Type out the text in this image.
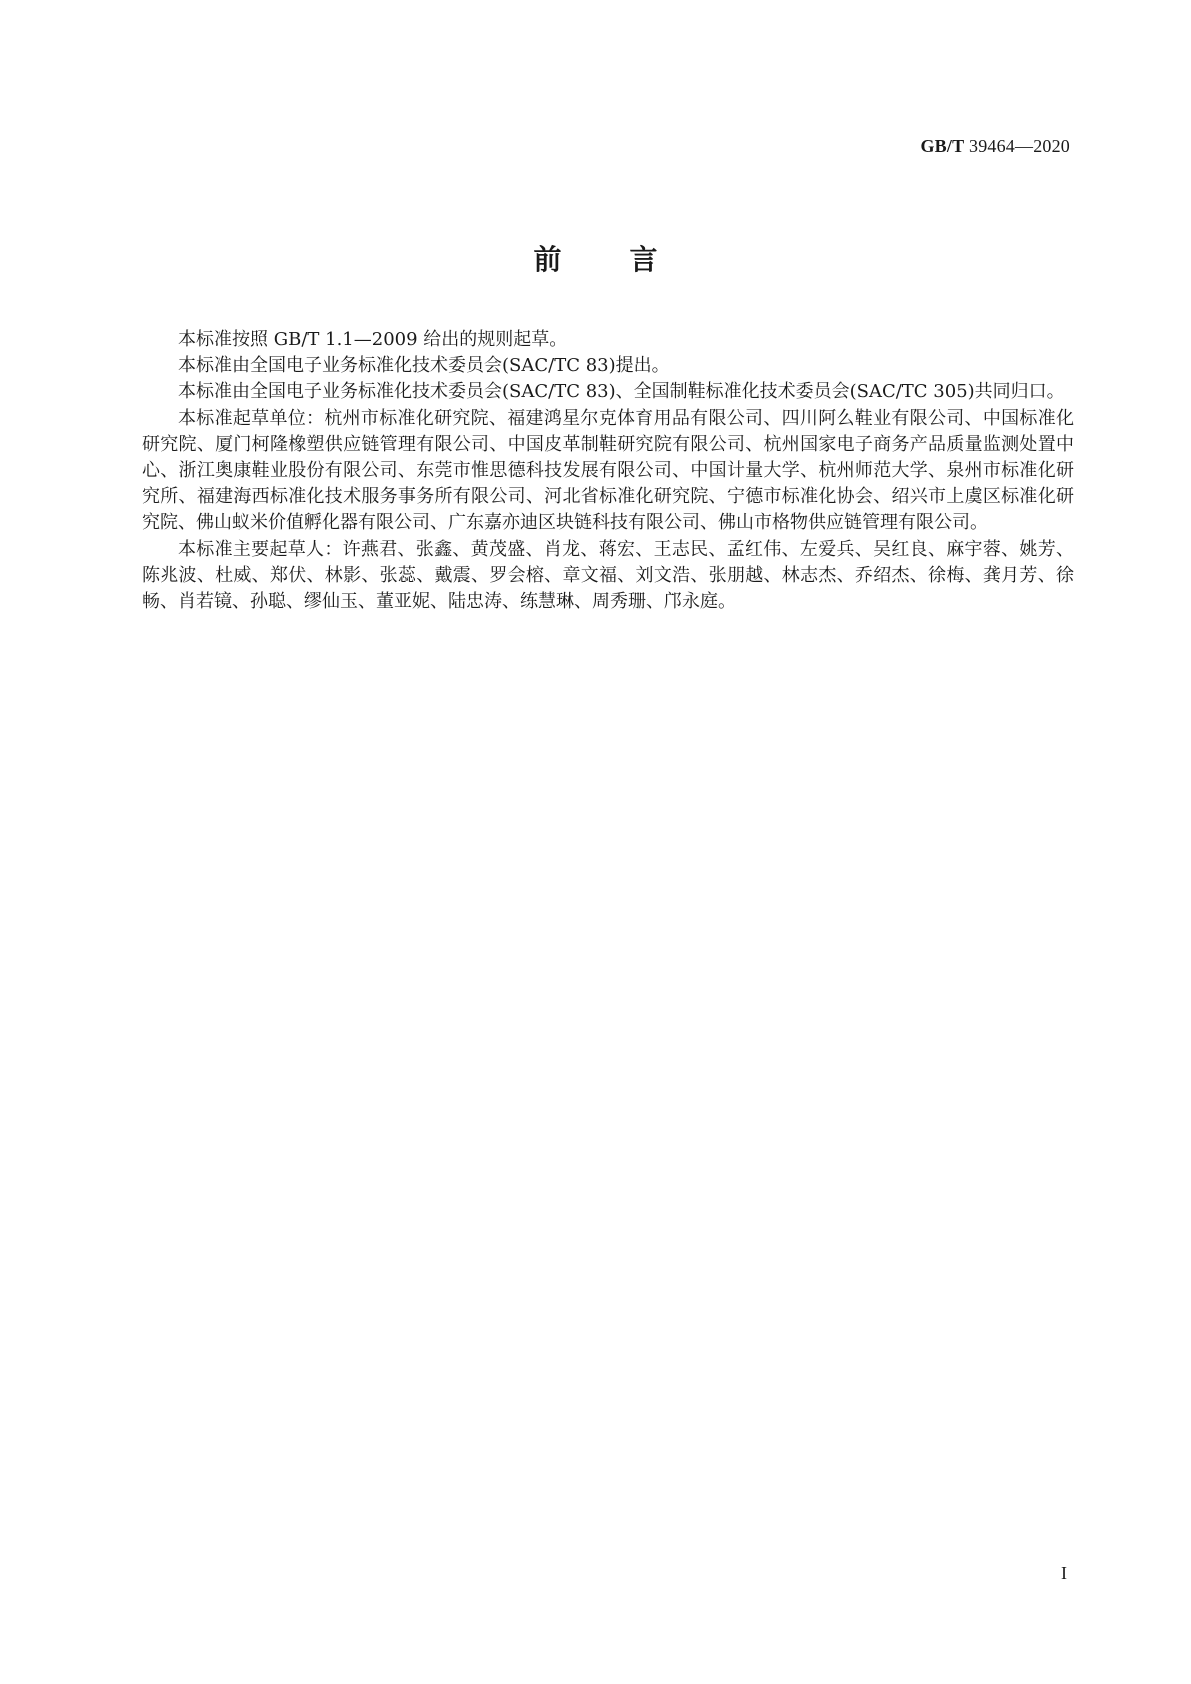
GB/T 39464—2020
前言

本标准按照 GB/T 1.1—2009 给出的规则起草。

本标准由全国电子业务标准化技术委员会(SAC/TC 83)提出。

本标准由全国电子业务标准化技术委员会(SAC/TC 83)、全国制鞋标准化技术委员会(SAC/TC 305)共同归口。

本标准起草单位：杭州市标准化研究院、福建鸿星尔克体育用品有限公司、四川阿么鞋业有限公司、中国标准化研究院、厦门柯隆橡塑供应链管理有限公司、中国皮革制鞋研究院有限公司、杭州国家电子商务产品质量监测处置中心、浙江奥康鞋业股份有限公司、东莞市惟思德科技发展有限公司、中国计量大学、杭州师范大学、泉州市标准化研究所、福建海西标准化技术服务事务所有限公司、河北省标准化研究院、宁德市标准化协会、绍兴市上虞区标准化研究院、佛山蚁米价值孵化器有限公司、广东嘉亦迪区块链科技有限公司、佛山市格物供应链管理有限公司。

本标准主要起草人：许燕君、张鑫、黄茂盛、肖龙、蒋宏、王志民、孟红伟、左爱兵、吴红良、麻宇蓉、姚芳、陈兆波、杜威、郑伏、林影、张蕊、戴震、罗会榕、章文福、刘文浩、张朋越、林志杰、乔绍杰、徐梅、龚月芳、徐畅、肖若镜、孙聪、缪仙玉、董亚妮、陆忠涛、练慧琳、周秀珊、邝永庭。

I
